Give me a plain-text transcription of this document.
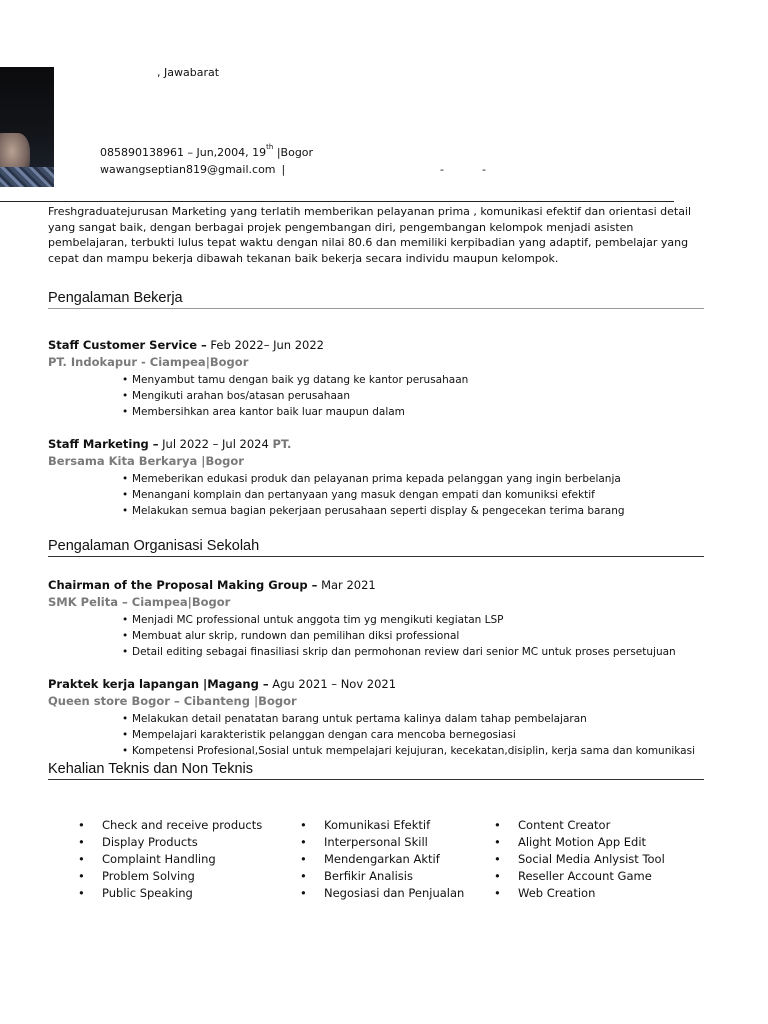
, Jawabarat
085890138961 – Jun,2004, 19th |Bogor
wawangseptian819@gmail.com |	-	-
Freshgraduatejurusan Marketing yang terlatih memberikan pelayanan prima , komunikasi efektif dan orientasi detail yang sangat baik, dengan berbagai projek pengembangan diri, pengembangan kelompok menjadi asisten pembelajaran, terbukti lulus tepat waktu dengan nilai 80.6 dan memiliki kerpibadian yang adaptif, pembelajar yang cepat dan mampu bekerja dibawah tekanan baik bekerja secara individu maupun kelompok.
Pengalaman Bekerja
Staff Customer Service – Feb 2022– Jun 2022
PT. Indokapur - Ciampea|Bogor
• Menyambut tamu dengan baik yg datang ke kantor perusahaan
• Mengikuti arahan bos/atasan perusahaan
• Membersihkan area kantor baik luar maupun dalam
Staff Marketing – Jul 2022 – Jul 2024 PT.
Bersama Kita Berkarya |Bogor
• Memeberikan edukasi produk dan pelayanan prima kepada pelanggan yang ingin berbelanja
• Menangani komplain dan pertanyaan yang masuk dengan empati dan komuniksi efektif
• Melakukan semua bagian pekerjaan perusahaan seperti display & pengecekan terima barang
Pengalaman Organisasi Sekolah
Chairman of the Proposal Making Group – Mar 2021
SMK Pelita – Ciampea|Bogor
• Menjadi MC professional untuk anggota tim yg mengikuti kegiatan LSP
• Membuat alur skrip, rundown dan pemilihan diksi professional
• Detail editing sebagai finasiliasi skrip dan permohonan review dari senior MC untuk proses persetujuan
Praktek kerja lapangan |Magang – Agu 2021 – Nov 2021
Queen store Bogor – Cibanteng |Bogor
• Melakukan detail penatatan barang untuk pertama kalinya dalam tahap pembelajaran
• Mempelajari karakteristik pelanggan dengan cara mencoba bernegosiasi
• Kompetensi Profesional,Sosial untuk mempelajari kejujuran, kecekatan,disiplin, kerja sama dan komunikasi
Kehalian Teknis dan Non Teknis
• Check and receive products
• Display Products
• Complaint Handling
• Problem Solving
• Public Speaking
• Komunikasi Efektif
• Interpersonal Skill
• Mendengarkan Aktif
• Berfikir Analisis
• Negosiasi dan Penjualan
• Content Creator
• Alight Motion App Edit
• Social Media Anlysist Tool
• Reseller Account Game
• Web Creation
